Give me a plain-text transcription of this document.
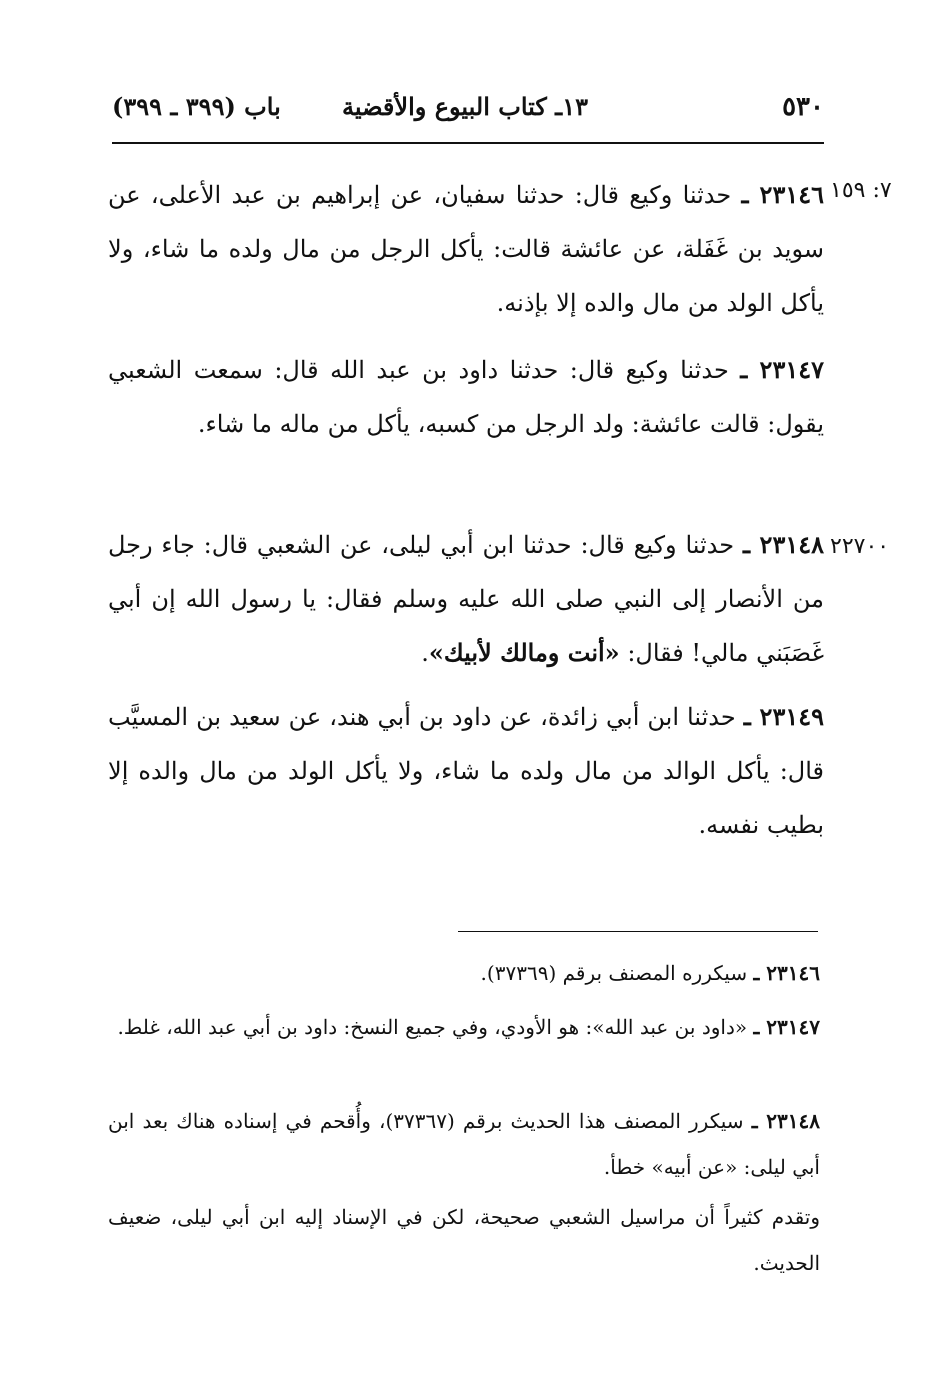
٥٣٠
١٣ـ كتاب البيوع والأقضية
باب (٣٩٩ ـ ٣٩٩)
٧: ١٥٩
٢٢٧٠٠
٢٣١٤٦ ـ حدثنا وكيع قال: حدثنا سفيان، عن إبراهيم بن عبد الأعلى، عن سويد بن غَفَلة، عن عائشة قالت: يأكل الرجل من مال ولده ما شاء، ولا يأكل الولد من مال والده إلا بإذنه.
٢٣١٤٧ ـ حدثنا وكيع قال: حدثنا داود بن عبد الله قال: سمعت الشعبي يقول: قالت عائشة: ولد الرجل من كسبه، يأكل من ماله ما شاء.
٢٣١٤٨ ـ حدثنا وكيع قال: حدثنا ابن أبي ليلى، عن الشعبي قال: جاء رجل من الأنصار إلى النبي صلى الله عليه وسلم فقال: يا رسول الله إن أبي غَصَبَني مالي! فقال: «أنت ومالك لأبيك».
٢٣١٤٩ ـ حدثنا ابن أبي زائدة، عن داود بن أبي هند، عن سعيد بن المسيَّب قال: يأكل الوالد من مال ولده ما شاء، ولا يأكل الولد من مال والده إلا بطيب نفسه.
٢٣١٤٦ ـ سيكرره المصنف برقم (٣٧٣٦٩).
٢٣١٤٧ ـ «داود بن عبد الله»: هو الأودي، وفي جميع النسخ: داود بن أبي عبد الله، غلط.
٢٣١٤٨ ـ سيكرر المصنف هذا الحديث برقم (٣٧٣٦٧)، وأُقحم في إسناده هناك بعد ابن أبي ليلى: «عن أبيه» خطأ.
وتقدم كثيراً أن مراسيل الشعبي صحيحة، لكن في الإسناد إليه ابن أبي ليلى، ضعيف الحديث.
